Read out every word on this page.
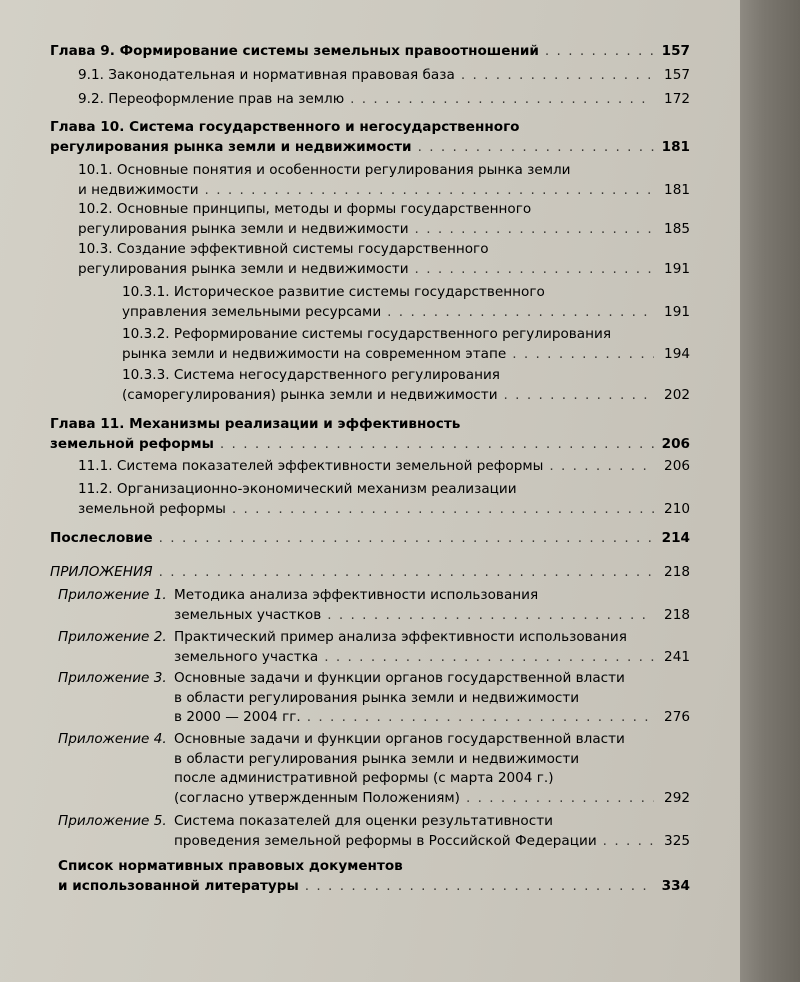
Глава 9. Формирование системы земельных правоотношений . . .	157
9.1. Законодательная и нормативная правовая база . . .	157
9.2. Переоформление прав на землю . . .	172
Глава 10. Система государственного и негосударственного
регулирования рынка земли и недвижимости . . .	181
10.1. Основные понятия и особенности регулирования рынка земли
и недвижимости . . .	181
10.2. Основные принципы, методы и формы государственного
регулирования рынка земли и недвижимости . . .	185
10.3. Создание эффективной системы государственного
регулирования рынка земли и недвижимости . . .	191
10.3.1. Историческое развитие системы государственного
управления земельными ресурсами . . .	191
10.3.2. Реформирование системы государственного регулирования
рынка земли и недвижимости на современном этапе . . .	194
10.3.3. Система негосударственного регулирования
(саморегулирования) рынка земли и недвижимости . . .	202
Глава 11. Механизмы реализации и эффективность
земельной реформы . . .	206
11.1. Система показателей эффективности земельной реформы . . .	206
11.2. Организационно-экономический механизм реализации
земельной реформы . . .	210
Послесловие . . .	214
ПРИЛОЖЕНИЯ . . .	218
Приложение 1. Методика анализа эффективности использования
земельных участков . . .	218
Приложение 2. Практический пример анализа эффективности использования
земельного участка . . .	241
Приложение 3. Основные задачи и функции органов государственной власти
в области регулирования рынка земли и недвижимости
в 2000 — 2004 гг. . . .	276
Приложение 4. Основные задачи и функции органов государственной власти
в области регулирования рынка земли и недвижимости
после административной реформы (с марта 2004 г.)
(согласно утвержденным Положениям) . . .	292
Приложение 5. Система показателей для оценки результативности
проведения земельной реформы в Российской Федерации . . .	325
Список нормативных правовых документов
и использованной литературы . . .	334
